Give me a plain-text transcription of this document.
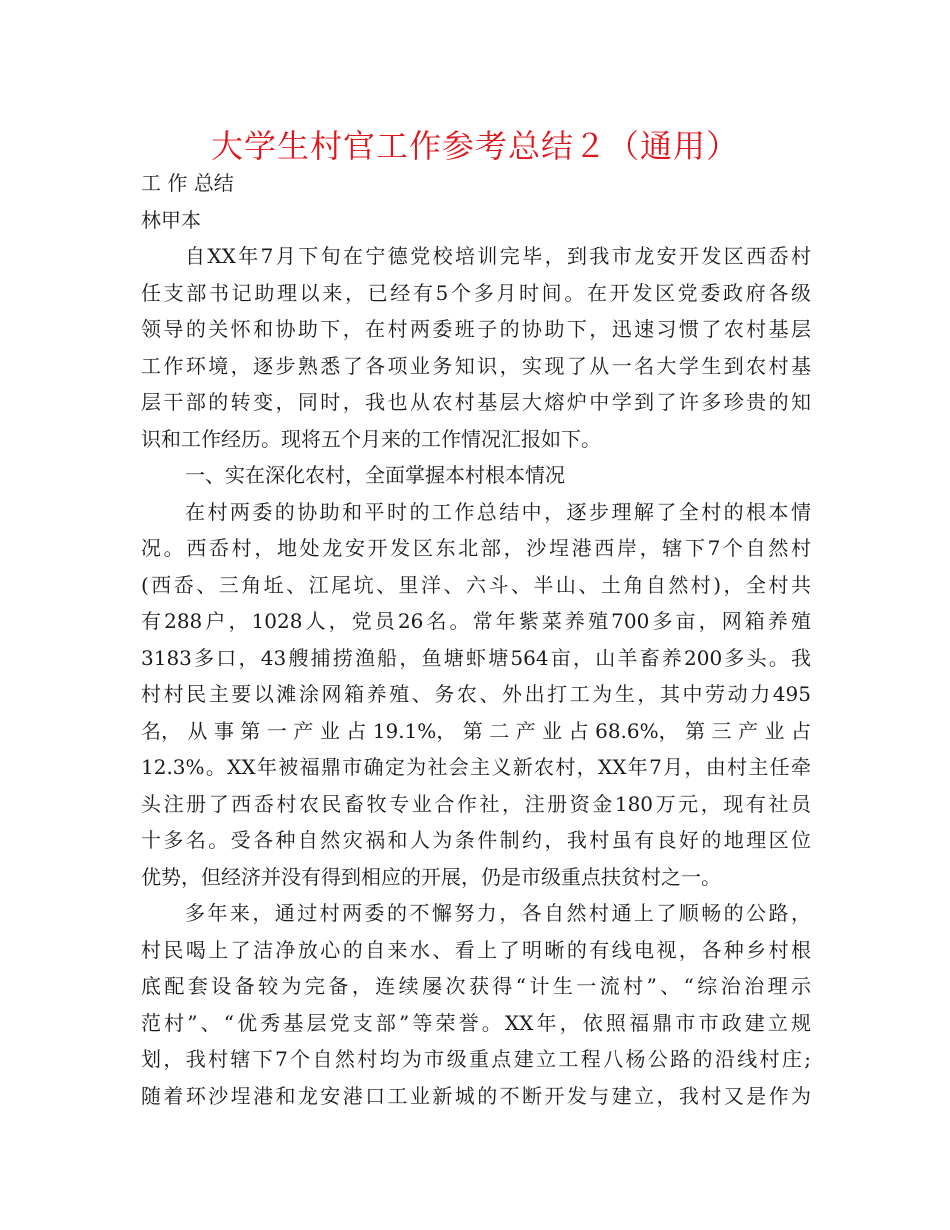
大学生村官工作参考总结２（通用）
工 作 总结
林甲本
自XX年7月下旬在宁德党校培训完毕，到我市龙安开发区西岙村
任支部书记助理以来，已经有5个多月时间。在开发区党委政府各级
领导的关怀和协助下，在村两委班子的协助下，迅速习惯了农村基层
工作环境，逐步熟悉了各项业务知识，实现了从一名大学生到农村基
层干部的转变，同时，我也从农村基层大熔炉中学到了许多珍贵的知
识和工作经历。现将五个月来的工作情况汇报如下。
一、实在深化农村，全面掌握本村根本情况
在村两委的协助和平时的工作总结中，逐步理解了全村的根本情
况。西岙村，地处龙安开发区东北部，沙埕港西岸，辖下7个自然村
(西岙、三角坵、江尾坑、里洋、六斗、半山、土角自然村)，全村共
有288户，1028人，党员26名。常年紫菜养殖700多亩，网箱养殖
3183多口，43艘捕捞渔船，鱼塘虾塘564亩，山羊畜养200多头。我
村村民主要以滩涂网箱养殖、务农、外出打工为生，其中劳动力495
名， 从 事 第 一 产 业 占 19.1%， 第 二 产 业 占 68.6%， 第 三 产 业 占
12.3%。XX年被福鼎市确定为社会主义新农村，XX年7月，由村主任牵
头注册了西岙村农民畜牧专业合作社，注册资金180万元，现有社员
十多名。受各种自然灾祸和人为条件制约，我村虽有良好的地理区位
优势，但经济并没有得到相应的开展，仍是市级重点扶贫村之一。
多年来，通过村两委的不懈努力，各自然村通上了顺畅的公路，
村民喝上了洁净放心的自来水、看上了明晰的有线电视，各种乡村根
底配套设备较为完备，连续屡次获得“计生一流村”、“综治治理示
范村”、“优秀基层党支部”等荣誉。XX年，依照福鼎市市政建立规
划，我村辖下7个自然村均为市级重点建立工程八杨公路的沿线村庄;
随着环沙埕港和龙安港口工业新城的不断开发与建立，我村又是作为
